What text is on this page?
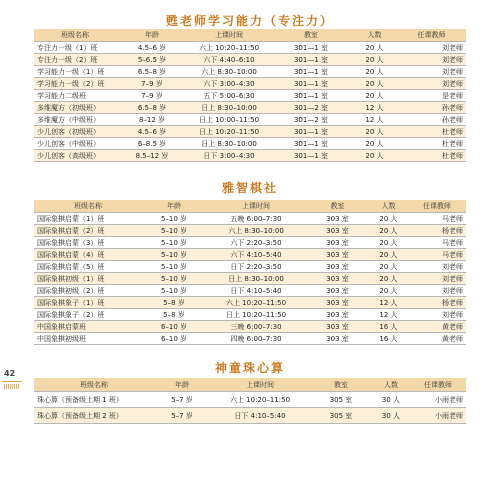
甦老师学习能力（专注力）
班级名称	年龄	上课时间	教室	人数	任课教师
专注力一级（1）班	4.5–6 岁	六上 10:20–11:50	301—1 室	20 人	刘老师
专注力一级（2）班	5–6.5 岁	六下 4:40–6:10	301—1 室	20 人	刘老师
学习能力一级（1）班	6.5–8 岁	六上 8:30–10:00	301—1 室	20 人	刘老师
学习能力一级（2）班	7–9 岁	六下 3:00–4:30	301—1 室	20 人	刘老师
学习能力二级班	7–9 岁	五下 5:00–6:30	301—1 室	20 人	是老师
多维魔方（初级班）	6.5–8 岁	日上 8:30–10:00	301—2 室	12 人	孙老师
多维魔方（中级班）	8–12 岁	日上 10:00–11:50	301—2 室	12 人	孙老师
少儿创客（初级班）	4.5–6 岁	日上 10:20–11:50	301—1 室	20 人	杜老师
少儿创客（中级班）	6–8.5 岁	日上 8:30–10:00	301—1 室	20 人	杜老师
少儿创客（高级班）	8.5–12 岁	日下 3:00–4:30	301—1 室	20 人	杜老师
雅智棋社
班级名称	年龄	上课时间	教室	人数	任课教师
国际象棋启蒙（1）班	5–10 岁	五晚 6:00–7:30	303 室	20 人	马老师
国际象棋启蒙（2）班	5–10 岁	六上 8:30–10:00	303 室	20 人	杨老师
国际象棋启蒙（3）班	5–10 岁	六下 2:20–3:50	303 室	20 人	马老师
国际象棋启蒙（4）班	5–10 岁	六下 4:10–5:40	303 室	20 人	马老师
国际象棋启蒙（5）班	5–10 岁	日下 2:20–3:50	303 室	20 人	刘老师
国际象棋初级（1）班	5–10 岁	日上 8:30–10:00	303 室	20 人	刘老师
国际象棋初级（2）班	5–10 岁	日下 4:10–5:40	303 室	20 人	刘老师
国际象棋象子（1）班	5–8 岁	六上 10:20–11:50	303 室	12 人	杨老师
国际象棋象子（2）班	5–8 岁	日上 10:20–11:50	303 室	12 人	刘老师
中国象棋启蒙班	6–10 岁	三晚 6:00–7:30	303 室	16 人	黄老师
中国象棋初级班	6–10 岁	四晚 6:00–7:30	303 室	16 人	黄老师
神童珠心算
班级名称	年龄	上课时间	教室	人数	任课教师
珠心算（预备级上期 1 班）	5–7 岁	六上 10:20–11:50	305 室	30 人	小雨老师
珠心算（预备级上期 2 班）	5–7 岁	日下 4:10–5:40	305 室	30 人	小雨老师
42
